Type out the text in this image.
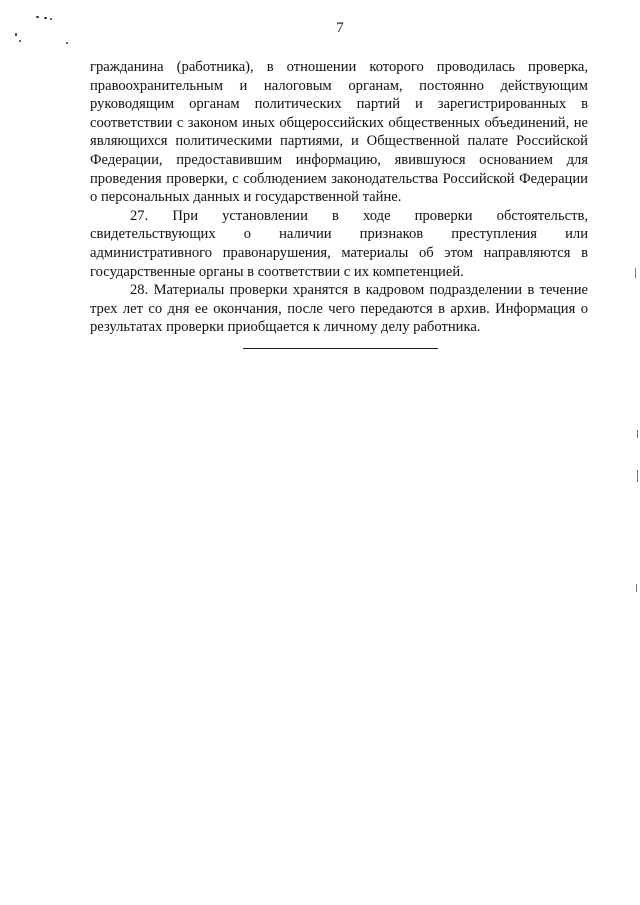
7

гражданина (работника), в отношении которого проводилась проверка, правоохранительным и налоговым органам, постоянно действующим руководящим органам политических партий и зарегистрированных в соответствии с законом иных общероссийских общественных объединений, не являющихся политическими партиями, и Общественной палате Российской Федерации, предоставившим информацию, явившуюся основанием для проведения проверки, с соблюдением законодательства Российской Федерации о персональных данных и государственной тайне.

27. При установлении в ходе проверки обстоятельств, свидетельствующих о наличии признаков преступления или административного правонарушения, материалы об этом направляются в государственные органы в соответствии с их компетенцией.

28. Материалы проверки хранятся в кадровом подразделении в течение трех лет со дня ее окончания, после чего передаются в архив. Информация о результатах проверки приобщается к личному делу работника.
